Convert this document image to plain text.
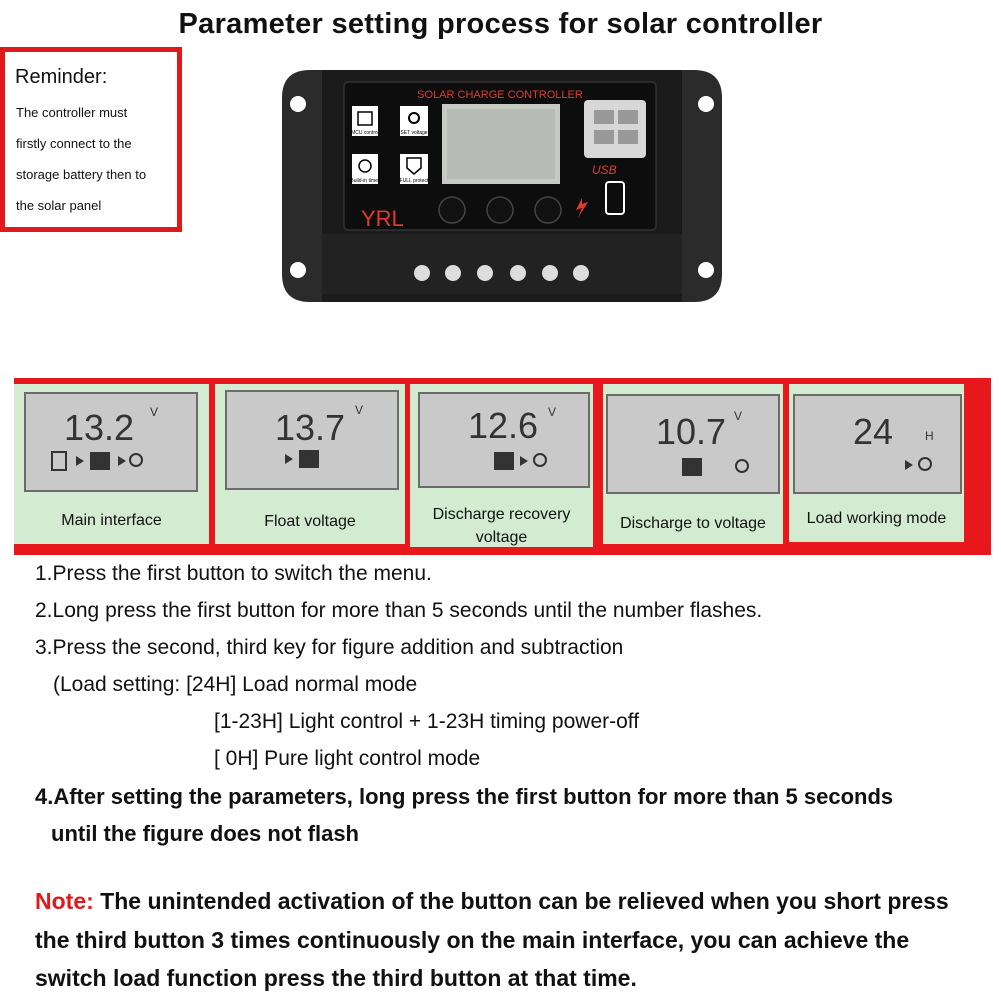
Parameter setting process for solar controller
Reminder:
The controller must
firstly connect to the
storage battery then to
the solar panel
SOLAR CHARGE CONTROLLER
MCU control	SET voltage
Build-in timer	FULL protect
YRL
USB
13.2 V
Main interface
13.7 V
Float voltage
12.6 V
Discharge recovery
voltage
10.7 V
Discharge to voltage
24	H
Load working mode
1.Press the first button to switch the menu.
2.Long press the first button for more than 5 seconds until the number flashes.
3.Press the second, third key for figure addition and subtraction
(Load setting: [24H] Load normal mode
[1-23H] Light control + 1-23H timing power-off
[ 0H] Pure light control mode
4.After setting the parameters, long press the first button for more than 5 seconds
until the figure does not flash
Note: The unintended activation of the button can be relieved when you short press the third button 3 times continuously on the main interface, you can achieve the switch load function press the third button at that time.
